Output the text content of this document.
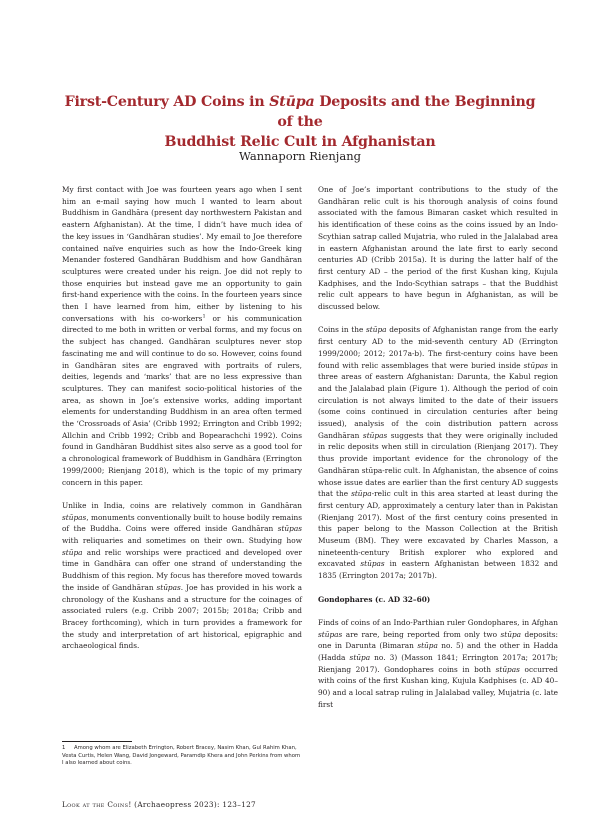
First-Century AD Coins in Stūpa Deposits and the Beginning of the
Buddhist Relic Cult in Afghanistan
Wannaporn Rienjang

My first contact with Joe was fourteen years ago when I sent him an e-mail saying how much I wanted to learn about Buddhism in Gandhāra (present day northwestern Pakistan and eastern Afghanistan). At the time, I didn’t have much idea of the key issues in ‘Gandhāran studies’. My email to Joe therefore contained naïve enquiries such as how the Indo-Greek king Menander fostered Gandhāran Buddhism and how Gandhāran sculptures were created under his reign. Joe did not reply to those enquiries but instead gave me an opportunity to gain first-hand experience with the coins. In the fourteen years since then I have learned from him, either by listening to his conversations with his co-workers$^1$ or his communication directed to me both in written or verbal forms, and my focus on the subject has changed. Gandhāran sculptures never stop fascinating me and will continue to do so. However, coins found in Gandhāran sites are engraved with portraits of rulers, deities, legends and ‘marks’ that are no less expressive than sculptures. They can manifest socio-political histories of the area, as shown in Joe’s extensive works, adding important elements for understanding Buddhism in an area often termed the ‘Crossroads of Asia’ (Cribb 1992; Errington and Cribb 1992; Allchin and Cribb 1992; Cribb and Bopearachchi 1992). Coins found in Gandhāran Buddhist sites also serve as a good tool for a chronological framework of Buddhism in Gandhāra (Errington 1999/2000; Rienjang 2018), which is the topic of my primary concern in this paper.

Unlike in India, coins are relatively common in Gandhāran stūpas, monuments conventionally built to house bodily remains of the Buddha. Coins were offered inside Gandhāran stūpas with reliquaries and sometimes on their own. Studying how stūpa and relic worships were practiced and developed over time in Gandhāra can offer one strand of understanding the Buddhism of this region. My focus has therefore moved towards the inside of Gandhāran stūpas. Joe has provided in his work a chronology of the Kushans and a structure for the coinages of associated rulers (e.g. Cribb 2007; 2015b; 2018a; Cribb and Bracey forthcoming), which in turn provides a framework for the study and interpretation of art historical, epigraphic and archaeological finds.

One of Joe’s important contributions to the study of the Gandhāran relic cult is his thorough analysis of coins found associated with the famous Bimaran casket which resulted in his identification of these coins as the coins issued by an Indo-Scythian satrap called Mujatria, who ruled in the Jalalabad area in eastern Afghanistan around the late first to early second centuries AD (Cribb 2015a). It is during the latter half of the first century AD – the period of the first Kushan king, Kujula Kadphises, and the Indo-Scythian satraps – that the Buddhist relic cult appears to have begun in Afghanistan, as will be discussed below.

Coins in the stūpa deposits of Afghanistan range from the early first century AD to the mid-seventh century AD (Errington 1999/2000; 2012; 2017a-b). The first-century coins have been found with relic assemblages that were buried inside stūpas in three areas of eastern Afghanistan: Darunta, the Kabul region and the Jalalabad plain (Figure 1). Although the period of coin circulation is not always limited to the date of their issuers (some coins continued in circulation centuries after being issued), analysis of the coin distribution pattern across Gandhāran stūpas suggests that they were originally included in relic deposits when still in circulation (Rienjang 2017). They thus provide important evidence for the chronology of the Gandhāran stūpa-relic cult. In Afghanistan, the absence of coins whose issue dates are earlier than the first century AD suggests that the stūpa-relic cult in this area started at least during the first century AD, approximately a century later than in Pakistan (Rienjang 2017). Most of the first century coins presented in this paper belong to the Masson Collection at the British Museum (BM). They were excavated by Charles Masson, a nineteenth-century British explorer who explored and excavated stūpas in eastern Afghanistan between 1832 and 1835 (Errington 2017a; 2017b).

Gondophares (c. AD 32–60)

Finds of coins of an Indo-Parthian ruler Gondophares, in Afghan stūpas are rare, being reported from only two stūpa deposits: one in Darunta (Bimaran stūpa no. 5) and the other in Hadda (Hadda stūpa no. 3) (Masson 1841; Errington 2017a; 2017b; Rienjang 2017). Gondophares coins in both stūpas occurred with coins of the first Kushan king, Kujula Kadphises (c. AD 40–90) and a local satrap ruling in Jalalabad valley, Mujatria (c. late first

1 Among whom are Elizabeth Errington, Robert Bracey, Nasim Khan, Gul Rahim Khan, Vesta Curtis, Helen Wang, David Jongeward, Paramdip Khera and John Perkins from whom I also learned about coins.
Look at the Coins! (Archaeopress 2023): 123–127
